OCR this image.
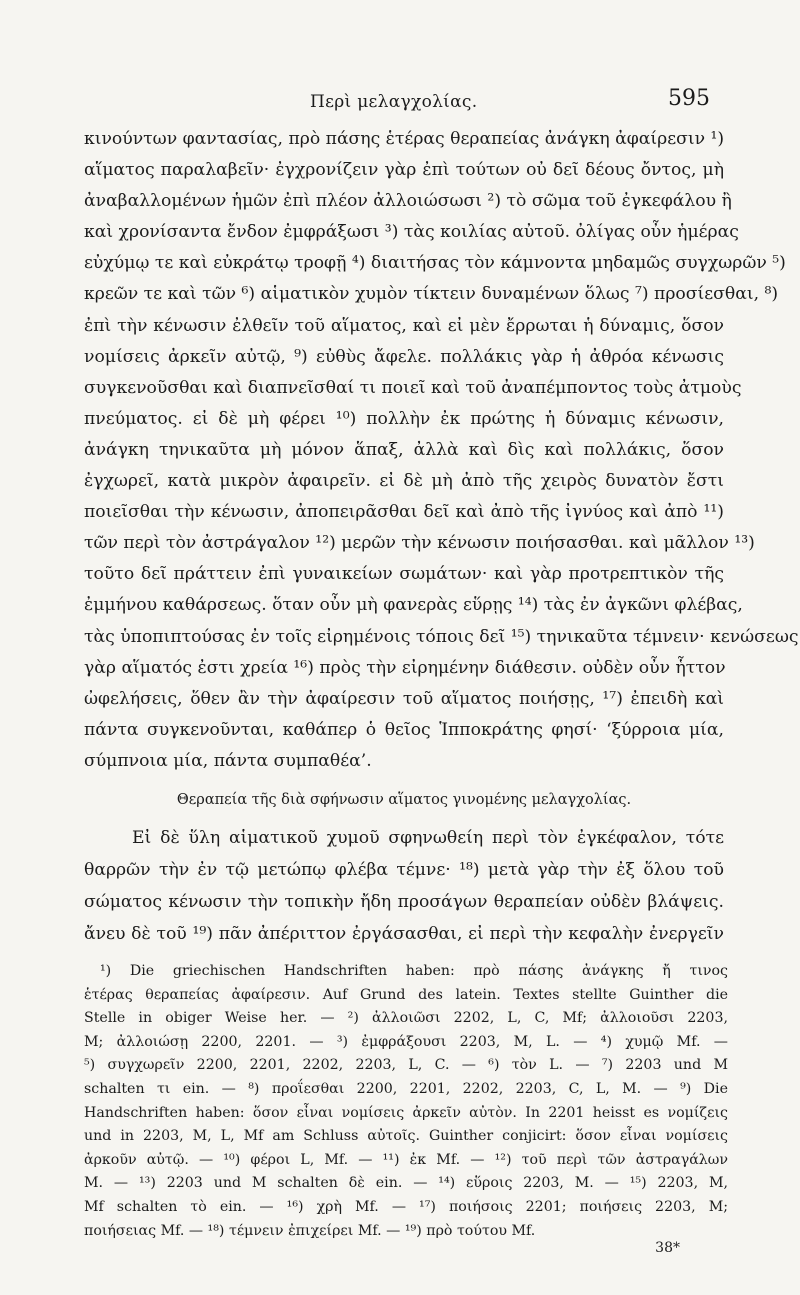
Περὶ μελαγχολίας.	595
κινούντων φαντασίας, πρὸ πάσης ἑτέρας θεραπείας ἀνάγκη ἀφαίρεσιν ¹)
αἵματος παραλαβεῖν· ἐγχρονίζειν γὰρ ἐπὶ τούτων οὐ δεῖ δέους ὄντος, μὴ
ἀναβαλλομένων ἡμῶν ἐπὶ πλέον ἀλλοιώσωσι ²) τὸ σῶμα τοῦ ἐγκεφάλου ἢ
καὶ χρονίσαντα ἔνδον ἐμφράξωσι ³) τὰς κοιλίας αὐτοῦ. ὀλίγας οὖν ἡμέρας
εὐχύμῳ τε καὶ εὐκράτῳ τροφῇ ⁴) διαιτήσας τὸν κάμνοντα μηδαμῶς συγχωρῶν ⁵)
κρεῶν τε καὶ τῶν ⁶) αἱματικὸν χυμὸν τίκτειν δυναμένων ὅλως ⁷) προσίεσθαι, ⁸)
ἐπὶ τὴν κένωσιν ἐλθεῖν τοῦ αἵματος, καὶ εἰ μὲν ἔρρωται ἡ δύναμις, ὅσον
νομίσεις ἀρκεῖν αὐτῷ, ⁹) εὐθὺς ἄφελε. πολλάκις γὰρ ἡ ἀθρόα κένωσις
συγκενοῦσθαι καὶ διαπνεῖσθαί τι ποιεῖ καὶ τοῦ ἀναπέμποντος τοὺς ἀτμοὺς
πνεύματος. εἰ δὲ μὴ φέρει ¹⁰) πολλὴν ἐκ πρώτης ἡ δύναμις κένωσιν,
ἀνάγκη τηνικαῦτα μὴ μόνον ἅπαξ, ἀλλὰ καὶ δὶς καὶ πολλάκις, ὅσον
ἐγχωρεῖ, κατὰ μικρὸν ἀφαιρεῖν. εἰ δὲ μὴ ἀπὸ τῆς χειρὸς δυνατὸν ἔστι
ποιεῖσθαι τὴν κένωσιν, ἀποπειρᾶσθαι δεῖ καὶ ἀπὸ τῆς ἰγνύος καὶ ἀπὸ ¹¹)
τῶν περὶ τὸν ἀστράγαλον ¹²) μερῶν τὴν κένωσιν ποιήσασθαι. καὶ μᾶλλον ¹³)
τοῦτο δεῖ πράττειν ἐπὶ γυναικείων σωμάτων· καὶ γὰρ προτρεπτικὸν τῆς
ἐμμήνου καθάρσεως. ὅταν οὖν μὴ φανερὰς εὕρῃς ¹⁴) τὰς ἐν ἀγκῶνι φλέβας,
τὰς ὑποπιπτούσας ἐν τοῖς εἰρημένοις τόποις δεῖ ¹⁵) τηνικαῦτα τέμνειν· κενώσεως
γὰρ αἵματός ἐστι χρεία ¹⁶) πρὸς τὴν εἰρημένην διάθεσιν. οὐδὲν οὖν ἧττον
ὠφελήσεις, ὅθεν ἂν τὴν ἀφαίρεσιν τοῦ αἵματος ποιήσῃς, ¹⁷) ἐπειδὴ καὶ
πάντα συγκενοῦνται, καθάπερ ὁ θεῖος Ἱπποκράτης φησί· ‘ξύρροια μία,
σύμπνοια μία, πάντα συμπαθέα’.
Θεραπεία τῆς διὰ σφήνωσιν αἵματος γινομένης μελαγχολίας.
Εἰ δὲ ὕλη αἱματικοῦ χυμοῦ σφηνωθείη περὶ τὸν ἐγκέφαλον, τότε
θαρρῶν τὴν ἐν τῷ μετώπῳ φλέβα τέμνε· ¹⁸) μετὰ γὰρ τὴν ἐξ ὅλου τοῦ
σώματος κένωσιν τὴν τοπικὴν ἤδη προσάγων θεραπείαν οὐδὲν βλάψεις.
ἄνευ δὲ τοῦ ¹⁹) πᾶν ἀπέριττον ἐργάσασθαι, εἰ περὶ τὴν κεφαλὴν ἐνεργεῖν
¹) Die griechischen Handschriften haben: πρὸ πάσης ἀνάγκης ἤ τινος
ἑτέρας θεραπείας ἀφαίρεσιν. Auf Grund des latein. Textes stellte Guinther die
Stelle in obiger Weise her. — ²) ἀλλοιῶσι 2202, L, C, Mf; ἀλλοιοῦσι 2203,
M; ἀλλοιώσῃ 2200, 2201. — ³) ἐμφράξουσι 2203, M, L. — ⁴) χυμῷ Mf. —
⁵) συγχωρεῖν 2200, 2201, 2202, 2203, L, C. — ⁶) τὸν L. — ⁷) 2203 und M
schalten τι ein. — ⁸) προΐεσθαι 2200, 2201, 2202, 2203, C, L, M. — ⁹) Die
Handschriften haben: ὅσον εἶναι νομίσεις ἀρκεῖν αὐτὸν. In 2201 heisst es νομίζεις
und in 2203, M, L, Mf am Schluss αὐτοῖς. Guinther conjicirt: ὅσον εἶναι νομίσεις
ἀρκοῦν αὐτῷ. — ¹⁰) φέροι L, Mf. — ¹¹) ἐκ Mf. — ¹²) τοῦ περὶ τῶν ἀστραγάλων
M. — ¹³) 2203 und M schalten δὲ ein. — ¹⁴) εὕροις 2203, M. — ¹⁵) 2203, M,
Mf schalten τὸ ein. — ¹⁶) χρὴ Mf. — ¹⁷) ποιήσοις 2201; ποιήσεις 2203, M;
ποιήσειας Mf. — ¹⁸) τέμνειν ἐπιχείρει Mf. — ¹⁹) πρὸ τούτου Mf.
38*
